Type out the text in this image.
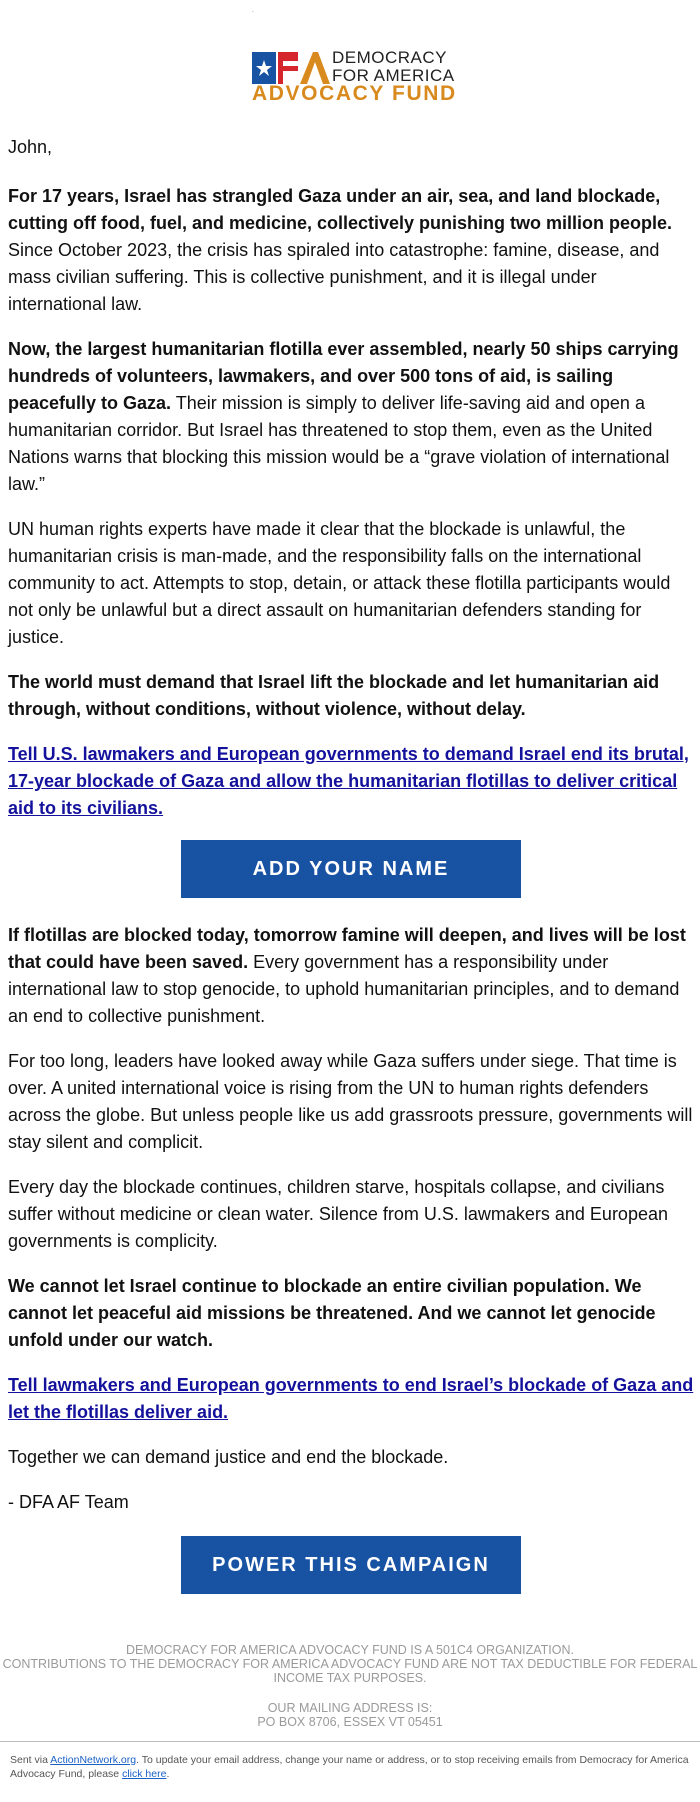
DFA
DEMOCRACY
FOR AMERICA
ADVOCACY FUND

John,

For 17 years, Israel has strangled Gaza under an air, sea, and land blockade, cutting off food, fuel, and medicine, collectively punishing two million people. Since October 2023, the crisis has spiraled into catastrophe: famine, disease, and mass civilian suffering. This is collective punishment, and it is illegal under international law.

Now, the largest humanitarian flotilla ever assembled, nearly 50 ships carrying hundreds of volunteers, lawmakers, and over 500 tons of aid, is sailing peacefully to Gaza. Their mission is simply to deliver life-saving aid and open a humanitarian corridor. But Israel has threatened to stop them, even as the United Nations warns that blocking this mission would be a “grave violation of international law.”

UN human rights experts have made it clear that the blockade is unlawful, the humanitarian crisis is man-made, and the responsibility falls on the international community to act. Attempts to stop, detain, or attack these flotilla participants would not only be unlawful but a direct assault on humanitarian defenders standing for justice.

The world must demand that Israel lift the blockade and let humanitarian aid through, without conditions, without violence, without delay.

Tell U.S. lawmakers and European governments to demand Israel end its brutal, 17-year blockade of Gaza and allow the humanitarian flotillas to deliver critical aid to its civilians.

ADD YOUR NAME

If flotillas are blocked today, tomorrow famine will deepen, and lives will be lost that could have been saved. Every government has a responsibility under international law to stop genocide, to uphold humanitarian principles, and to demand an end to collective punishment.

For too long, leaders have looked away while Gaza suffers under siege. That time is over. A united international voice is rising from the UN to human rights defenders across the globe. But unless people like us add grassroots pressure, governments will stay silent and complicit.

Every day the blockade continues, children starve, hospitals collapse, and civilians suffer without medicine or clean water. Silence from U.S. lawmakers and European governments is complicity.

We cannot let Israel continue to blockade an entire civilian population. We cannot let peaceful aid missions be threatened. And we cannot let genocide unfold under our watch.

Tell lawmakers and European governments to end Israel’s blockade of Gaza and let the flotillas deliver aid.

Together we can demand justice and end the blockade.

- DFA AF Team

POWER THIS CAMPAIGN
DEMOCRACY FOR AMERICA ADVOCACY FUND IS A 501C4 ORGANIZATION.
CONTRIBUTIONS TO THE DEMOCRACY FOR AMERICA ADVOCACY FUND ARE NOT TAX DEDUCTIBLE FOR FEDERAL INCOME TAX PURPOSES.
OUR MAILING ADDRESS IS:
PO BOX 8706, ESSEX VT 05451
Sent via ActionNetwork.org. To update your email address, change your name or address, or to stop receiving emails from Democracy for America Advocacy Fund, please click here.
